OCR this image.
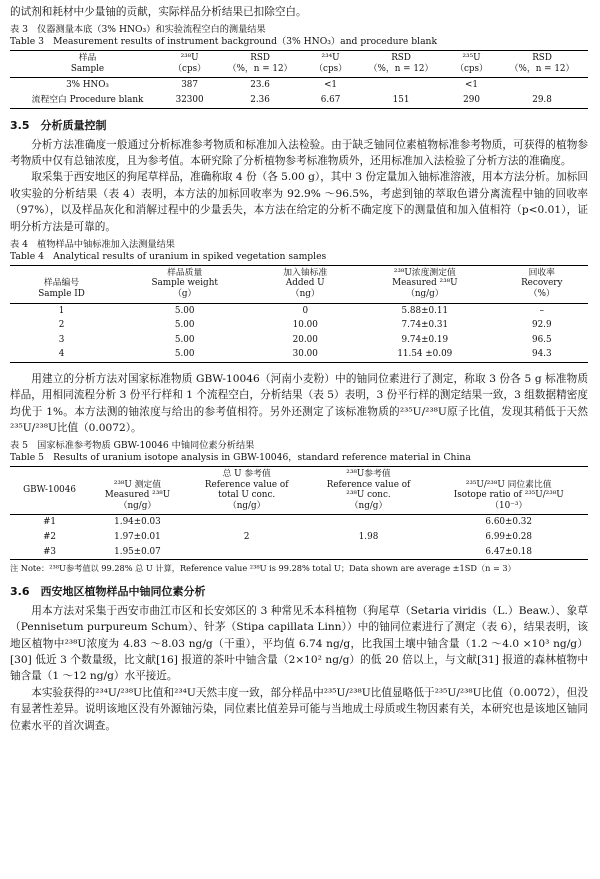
的试剂和耗材中少量铀的贡献，实际样品分析结果已扣除空白。

表 3　仪器测量本底（3% HNO₃）和实验流程空白的测量结果
Table 3　Measurement results of instrument background（3% HNO₃）and procedure blank
样品
Sample	²³⁸U
（cps）	RSD
（%，n = 12）	²³⁴U
（cps）	RSD
（%，n = 12）	²³⁵U
（cps）	RSD
（%，n = 12）
3% HNO₃	387	23.6	<1		<1	
流程空白 Procedure blank	32300	2.36	6.67	151	290	29.8
3.5　分析质量控制

分析方法准确度一般通过分析标准参考物质和标准加入法检验。由于缺乏铀同位素植物标准参考物质，可获得的植物参考物质中仅有总铀浓度，且为参考值。本研究除了分析植物参考标准物质外，还用标准加入法检验了分析方法的准确度。

取采集于西安地区的狗尾草样品，准确称取 4 份（各 5.00 g），其中 3 份定量加入铀标准溶液，用本方法分析。加标回收实验的分析结果（表 4）表明，本方法的加标回收率为 92.9% ～96.5%，考虑到铀的萃取色谱分离流程中铀的回收率（97%），以及样品灰化和消解过程中的少量丢失，本方法在给定的分析不确定度下的测量值和加入值相符（p<0.01），证明分析方法是可靠的。

表 4　植物样品中铀标准加入法测量结果
Table 4　Analytical results of uranium in spiked vegetation samples
样品编号
Sample ID	样品质量
Sample weight
（g）	加入铀标准
Added U
（ng）	²³⁸U浓度测定值
Measured ²³⁸U
（ng/g）	回收率
Recovery
（%）
1	5.00	0	5.88±0.11	–
2	5.00	10.00	7.74±0.31	92.9
3	5.00	20.00	9.74±0.19	96.5
4	5.00	30.00	11.54 ±0.09	94.3

用建立的分析方法对国家标准物质 GBW-10046（河南小麦粉）中的铀同位素进行了测定，称取 3 份各 5 g 标准物质样品，用相同流程分析 3 份平行样和 1 个流程空白，分析结果（表 5）表明，3 份平行样的测定结果一致，3 组数据精密度均优于 1%。本方法测的铀浓度与给出的参考值相符。另外还测定了该标准物质的²³⁵U/²³⁸U原子比值，发现其稍低于天然²³⁵U/²³⁸U比值（0.0072）。

表 5　国家标准参考物质 GBW-10046 中铀同位素分析结果
Table 5　Results of uranium isotope analysis in GBW-10046，standard reference material in China
GBW-10046	²³⁸U 测定值
Measured ²³⁸U
（ng/g）	总 U 参考值
Reference value of
total U conc.
（ng/g）	²³⁸U参考值
Reference value of
²³⁸U conc.
（ng/g）	²³⁵U/²³⁸U 同位素比值
Isotope ratio of ²³⁵U/²³⁸U
（10⁻³）
#1	1.94±0.03			6.60±0.32
#2	1.97±0.01	2	1.98	6.99±0.28
#3	1.95±0.07			6.47±0.18
注 Note：²³⁸U参考值以 99.28% 总 U 计算，Reference value ²³⁸U is 99.28% total U；Data shown are average ±1SD（n = 3）
3.6　西安地区植物样品中铀同位素分析

用本方法对采集于西安市曲江市区和长安郊区的 3 种常见禾本科植物（狗尾草（Setaria viridis（L.）Beaw.）、象草（Pennisetum purpureum Schum）、针茅（Stipa capillata Linn））中的铀同位素进行了测定（表 6），结果表明，该地区植物中²³⁸U浓度为 4.83 ～8.03 ng/g（干重），平均值 6.74 ng/g，比我国土壤中铀含量（1.2 ～4.0 ×10³ ng/g）[30] 低近 3 个数量级，比文献[16] 报道的茶叶中铀含量（2×10² ng/g）的低 20 倍以上，与文献[31] 报道的森林植物中铀含量（1 ～12 ng/g）水平接近。

本实验获得的²³⁴U/²³⁸U比值和²³⁴U天然丰度一致，部分样品中²³⁵U/²³⁸U比值显略低于²³⁵U/²³⁸U比值（0.0072），但没有显著性差异。说明该地区没有外源铀污染，同位素比值差异可能与当地成土母质或生物因素有关，本研究也是该地区铀同位素水平的首次调查。
